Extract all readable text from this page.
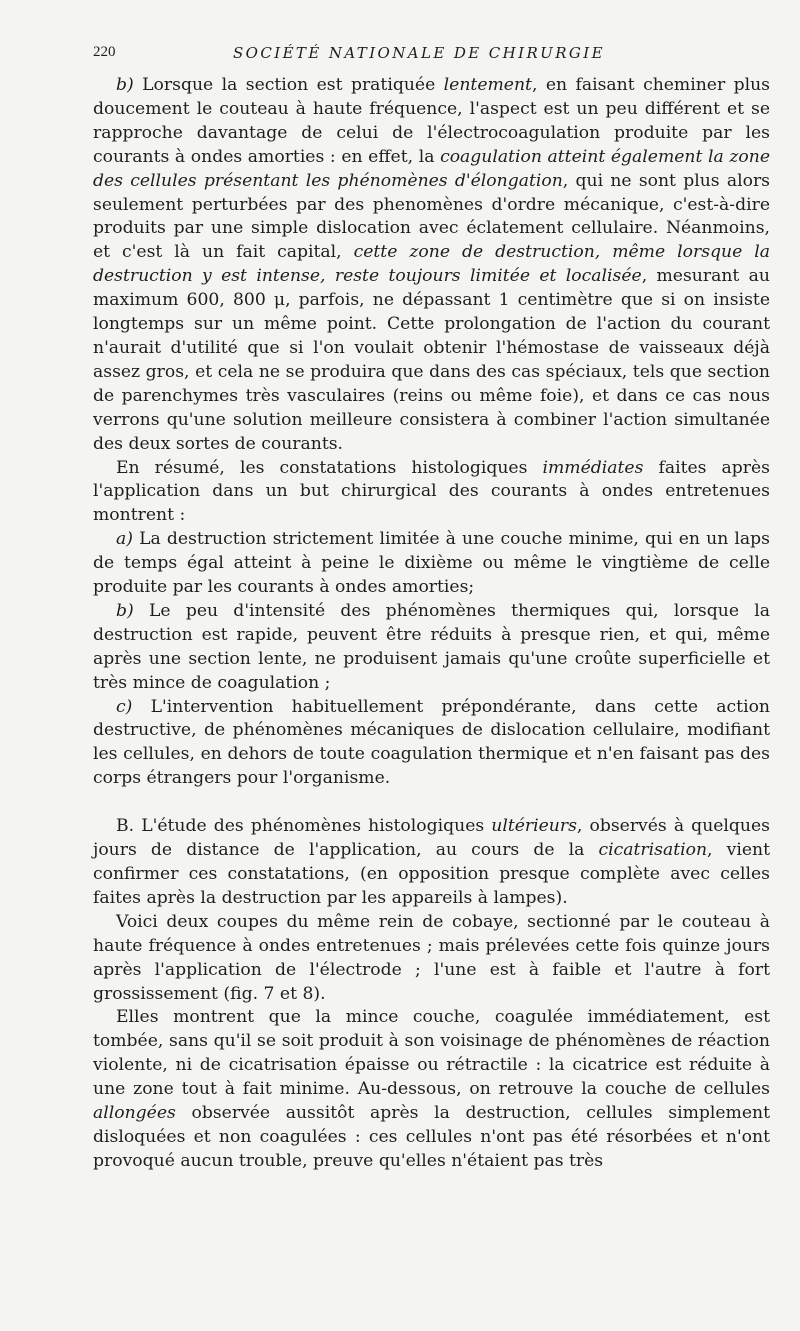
220	SOCIÉTÉ NATIONALE DE CHIRURGIE

b) Lorsque la section est pratiquée lentement, en faisant cheminer plus doucement le couteau à haute fréquence, l'aspect est un peu différent et se rapproche davantage de celui de l'électrocoagulation produite par les courants à ondes amorties : en effet, la coagulation atteint également la zone des cellules présentant les phénomènes d'élongation, qui ne sont plus alors seulement perturbées par des phenomènes d'ordre mécanique, c'est-à-dire produits par une simple dislocation avec éclatement cellulaire. Néanmoins, et c'est là un fait capital, cette zone de destruction, même lorsque la destruction y est intense, reste toujours limitée et localisée, mesurant au maximum 600, 800 μ, parfois, ne dépassant 1 centimètre que si on insiste longtemps sur un même point. Cette prolongation de l'action du courant n'aurait d'utilité que si l'on voulait obtenir l'hémostase de vaisseaux déjà assez gros, et cela ne se produira que dans des cas spéciaux, tels que section de parenchymes très vasculaires (reins ou même foie), et dans ce cas nous verrons qu'une solution meilleure consistera à combiner l'action simultanée des deux sortes de courants.

En résumé, les constatations histologiques immédiates faites après l'application dans un but chirurgical des courants à ondes entretenues montrent :

a) La destruction strictement limitée à une couche minime, qui en un laps de temps égal atteint à peine le dixième ou même le vingtième de celle produite par les courants à ondes amorties;

b) Le peu d'intensité des phénomènes thermiques qui, lorsque la destruction est rapide, peuvent être réduits à presque rien, et qui, même après une section lente, ne produisent jamais qu'une croûte superficielle et très mince de coagulation ;

c) L'intervention habituellement prépondérante, dans cette action destructive, de phénomènes mécaniques de dislocation cellulaire, modifiant les cellules, en dehors de toute coagulation thermique et n'en faisant pas des corps étrangers pour l'organisme.

B. L'étude des phénomènes histologiques ultérieurs, observés à quelques jours de distance de l'application, au cours de la cicatrisation, vient confirmer ces constatations, (en opposition presque complète avec celles faites après la destruction par les appareils à lampes).

Voici deux coupes du même rein de cobaye, sectionné par le couteau à haute fréquence à ondes entretenues ; mais prélevées cette fois quinze jours après l'application de l'électrode ; l'une est à faible et l'autre à fort grossissement (fig. 7 et 8).

Elles montrent que la mince couche, coagulée immédiatement, est tombée, sans qu'il se soit produit à son voisinage de phénomènes de réaction violente, ni de cicatrisation épaisse ou rétractile : la cicatrice est réduite à une zone tout à fait minime. Au-dessous, on retrouve la couche de cellules allongées observée aussitôt après la destruction, cellules simplement disloquées et non coagulées : ces cellules n'ont pas été résorbées et n'ont provoqué aucun trouble, preuve qu'elles n'étaient pas très
